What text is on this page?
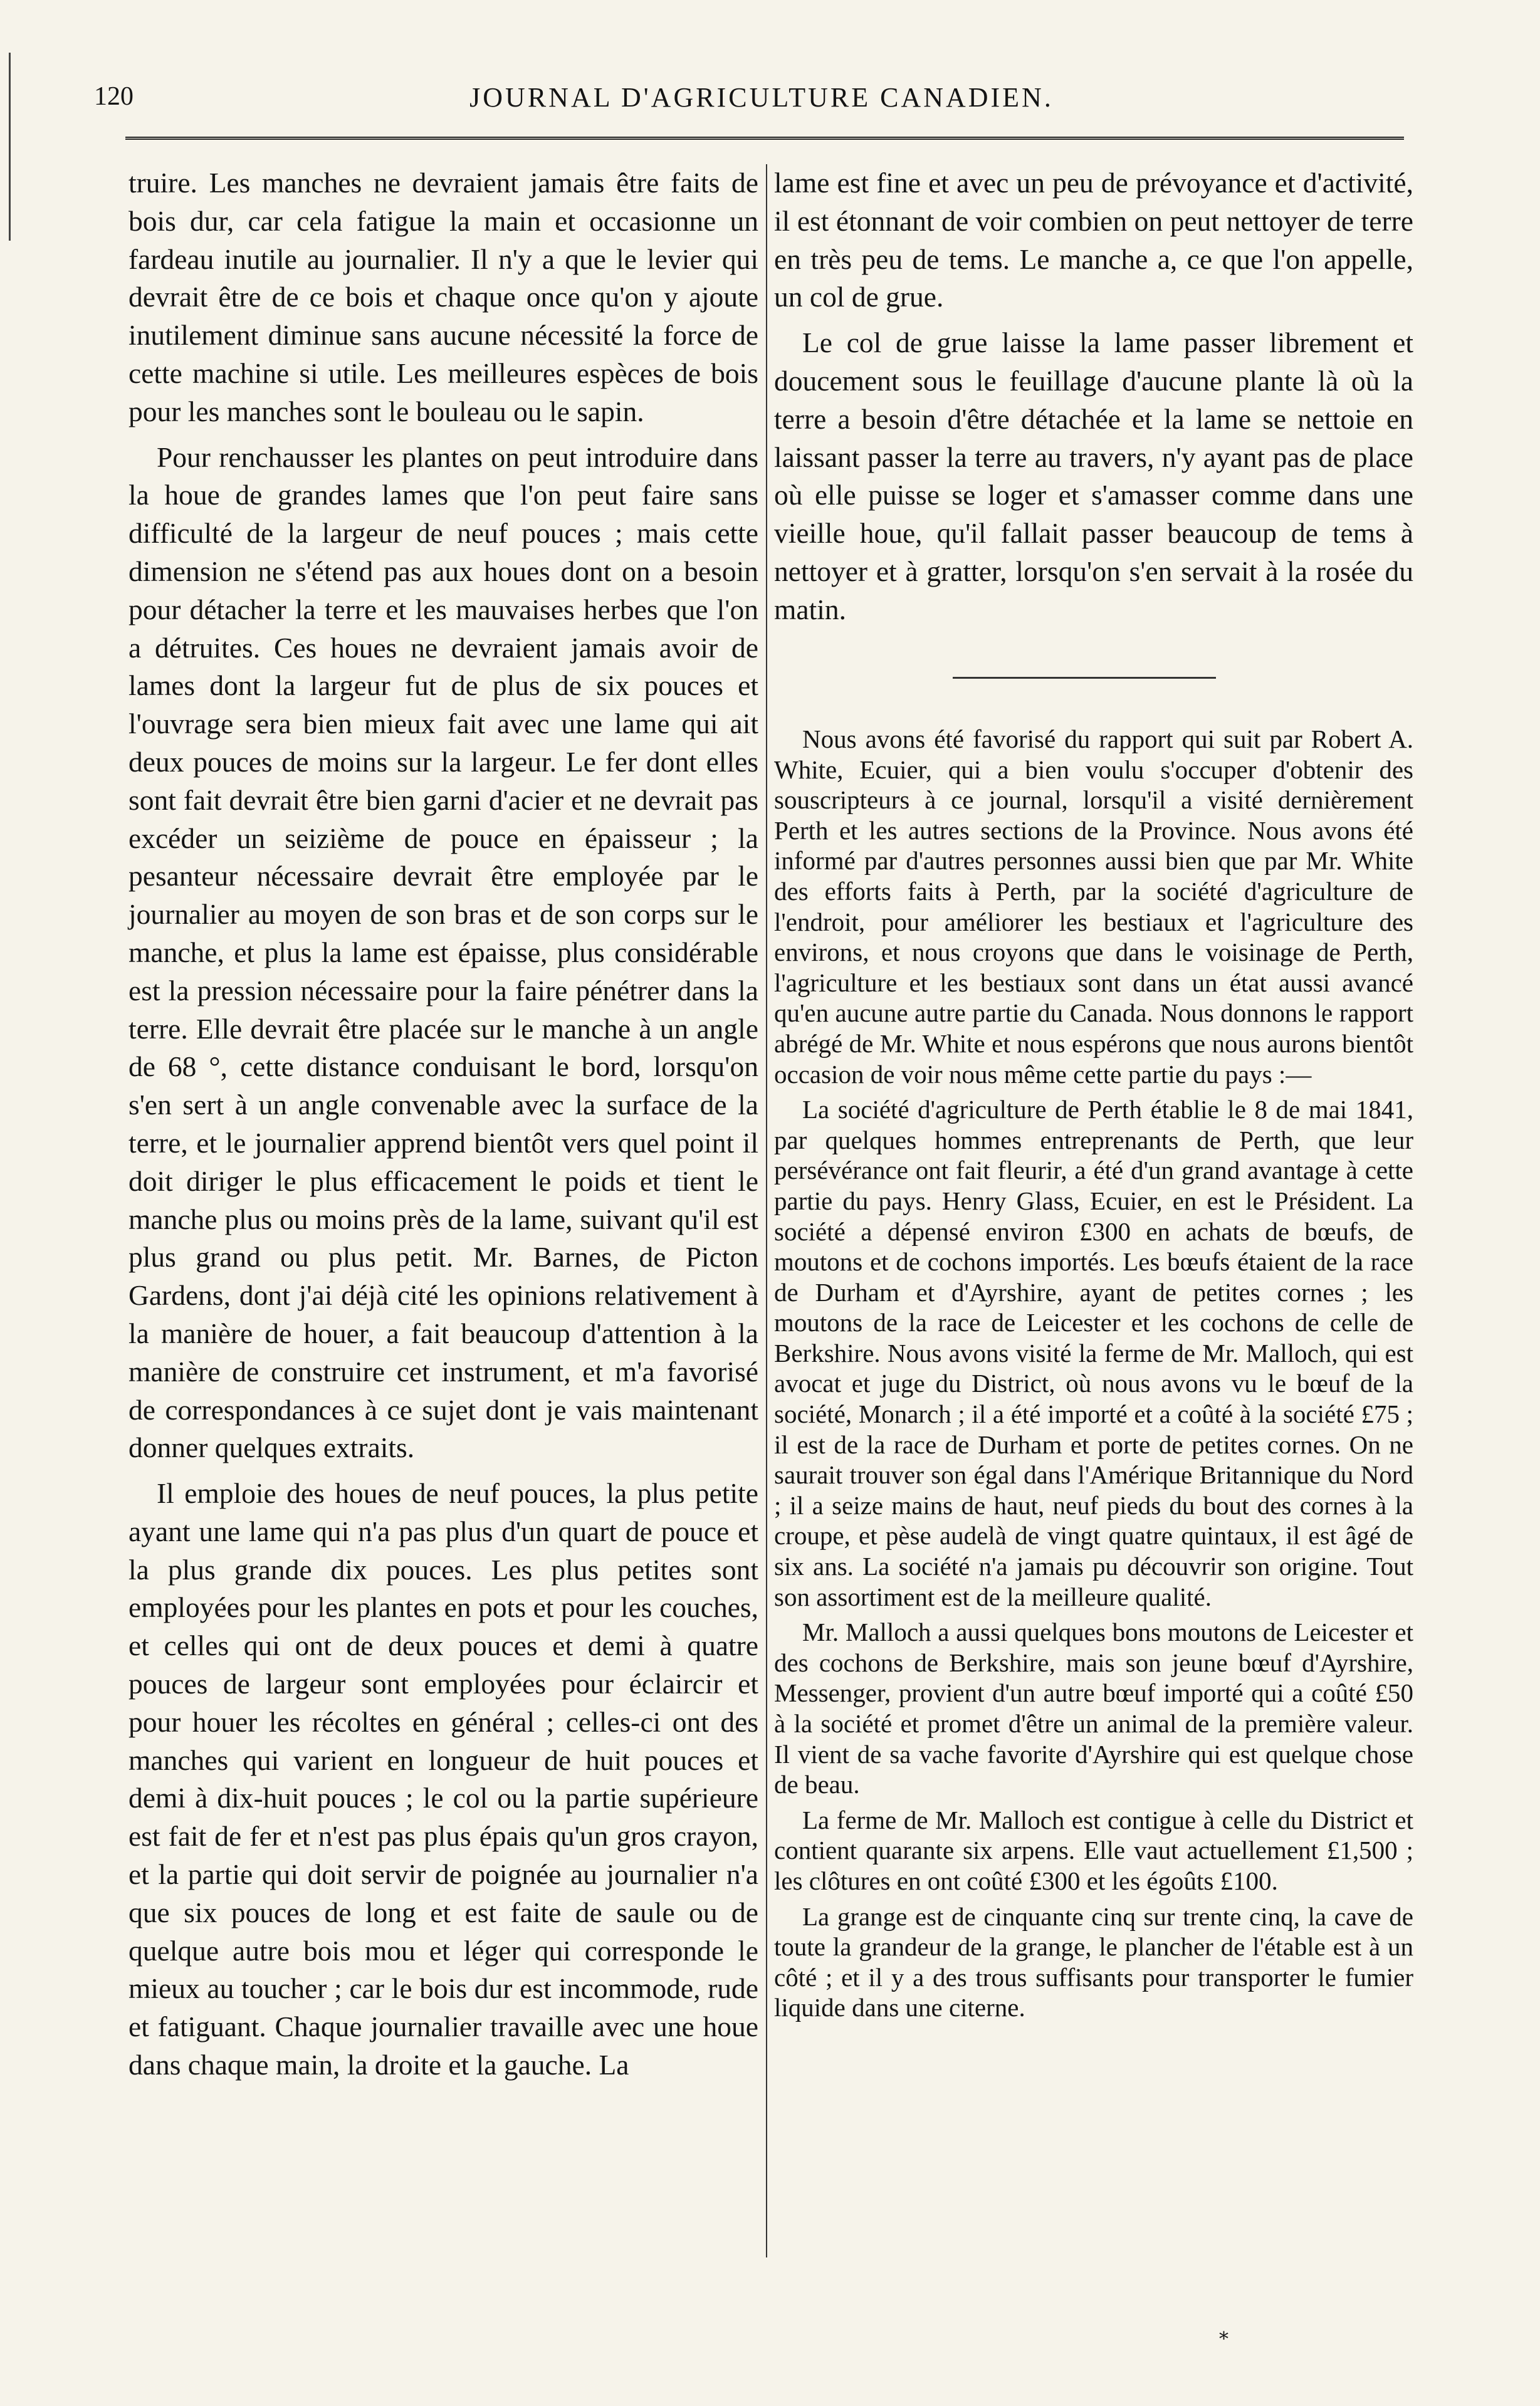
120	JOURNAL D'AGRICULTURE CANADIEN.

truire. Les manches ne devraient jamais être faits de bois dur, car cela fatigue la main et occasionne un fardeau inutile au journalier. Il n'y a que le levier qui devrait être de ce bois et chaque once qu'on y ajoute inutilement diminue sans aucune nécessité la force de cette machine si utile. Les meilleures espèces de bois pour les manches sont le bouleau ou le sapin.

Pour renchausser les plantes on peut introduire dans la houe de grandes lames que l'on peut faire sans difficulté de la largeur de neuf pouces ; mais cette dimension ne s'étend pas aux houes dont on a besoin pour détacher la terre et les mauvaises herbes que l'on a détruites. Ces houes ne devraient jamais avoir de lames dont la largeur fut de plus de six pouces et l'ouvrage sera bien mieux fait avec une lame qui ait deux pouces de moins sur la largeur. Le fer dont elles sont fait devrait être bien garni d'acier et ne devrait pas excéder un seizième de pouce en épaisseur ; la pesanteur nécessaire devrait être employée par le journalier au moyen de son bras et de son corps sur le manche, et plus la lame est épaisse, plus considérable est la pression nécessaire pour la faire pénétrer dans la terre. Elle devrait être placée sur le manche à un angle de 68 °, cette distance conduisant le bord, lorsqu'on s'en sert à un angle convenable avec la surface de la terre, et le journalier apprend bientôt vers quel point il doit diriger le plus efficacement le poids et tient le manche plus ou moins près de la lame, suivant qu'il est plus grand ou plus petit. Mr. Barnes, de Picton Gardens, dont j'ai déjà cité les opinions relativement à la manière de houer, a fait beaucoup d'attention à la manière de construire cet instrument, et m'a favorisé de correspondances à ce sujet dont je vais maintenant donner quelques extraits.

Il emploie des houes de neuf pouces, la plus petite ayant une lame qui n'a pas plus d'un quart de pouce et la plus grande dix pouces. Les plus petites sont employées pour les plantes en pots et pour les couches, et celles qui ont de deux pouces et demi à quatre pouces de largeur sont employées pour éclaircir et pour houer les récoltes en général ; celles-ci ont des manches qui varient en longueur de huit pouces et demi à dix-huit pouces ; le col ou la partie supérieure est fait de fer et n'est pas plus épais qu'un gros crayon, et la partie qui doit servir de poignée au journalier n'a que six pouces de long et est faite de saule ou de quelque autre bois mou et léger qui corresponde le mieux au toucher ; car le bois dur est incommode, rude et fatiguant. Chaque journalier travaille avec une houe dans chaque main, la droite et la gauche. La

lame est fine et avec un peu de prévoyance et d'activité, il est étonnant de voir combien on peut nettoyer de terre en très peu de tems. Le manche a, ce que l'on appelle, un col de grue.

Le col de grue laisse la lame passer librement et doucement sous le feuillage d'aucune plante là où la terre a besoin d'être détachée et la lame se nettoie en laissant passer la terre au travers, n'y ayant pas de place où elle puisse se loger et s'amasser comme dans une vieille houe, qu'il fallait passer beaucoup de tems à nettoyer et à gratter, lorsqu'on s'en servait à la rosée du matin.

Nous avons été favorisé du rapport qui suit par Robert A. White, Ecuier, qui a bien voulu s'occuper d'obtenir des souscripteurs à ce journal, lorsqu'il a visité dernièrement Perth et les autres sections de la Province. Nous avons été informé par d'autres personnes aussi bien que par Mr. White des efforts faits à Perth, par la société d'agriculture de l'endroit, pour améliorer les bestiaux et l'agriculture des environs, et nous croyons que dans le voisinage de Perth, l'agriculture et les bestiaux sont dans un état aussi avancé qu'en aucune autre partie du Canada. Nous donnons le rapport abrégé de Mr. White et nous espérons que nous aurons bientôt occasion de voir nous même cette partie du pays :—

La société d'agriculture de Perth établie le 8 de mai 1841, par quelques hommes entreprenants de Perth, que leur persévérance ont fait fleurir, a été d'un grand avantage à cette partie du pays. Henry Glass, Ecuier, en est le Président. La société a dépensé environ £300 en achats de bœufs, de moutons et de cochons importés. Les bœufs étaient de la race de Durham et d'Ayrshire, ayant de petites cornes ; les moutons de la race de Leicester et les cochons de celle de Berkshire. Nous avons visité la ferme de Mr. Malloch, qui est avocat et juge du District, où nous avons vu le bœuf de la société, Monarch ; il a été importé et a coûté à la société £75 ; il est de la race de Durham et porte de petites cornes. On ne saurait trouver son égal dans l'Amérique Britannique du Nord ; il a seize mains de haut, neuf pieds du bout des cornes à la croupe, et pèse audelà de vingt quatre quintaux, il est âgé de six ans. La société n'a jamais pu découvrir son origine. Tout son assortiment est de la meilleure qualité.

Mr. Malloch a aussi quelques bons moutons de Leicester et des cochons de Berkshire, mais son jeune bœuf d'Ayrshire, Messenger, provient d'un autre bœuf importé qui a coûté £50 à la société et promet d'être un animal de la première valeur. Il vient de sa vache favorite d'Ayrshire qui est quelque chose de beau.

La ferme de Mr. Malloch est contigue à celle du District et contient quarante six arpens. Elle vaut actuellement £1,500 ; les clôtures en ont coûté £300 et les égoûts £100.

La grange est de cinquante cinq sur trente cinq, la cave de toute la grandeur de la grange, le plancher de l'étable est à un côté ; et il y a des trous suffisants pour transporter le fumier liquide dans une citerne.

*
